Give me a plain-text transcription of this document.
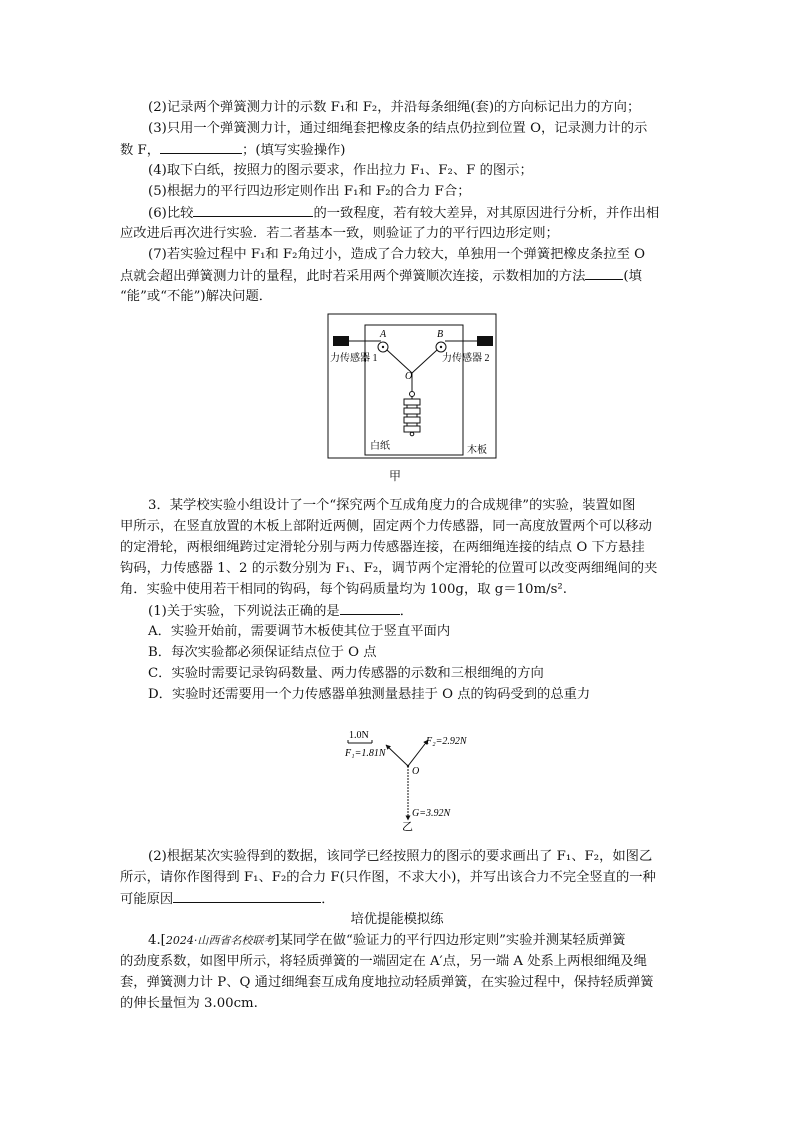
(2)记录两个弹簧测力计的示数 F₁和 F₂，并沿每条细绳(套)的方向标记出力的方向；
(3)只用一个弹簧测力计，通过细绳套把橡皮条的结点仍拉到位置 O，记录测力计的示
数 F，	；(填写实验操作)
(4)取下白纸，按照力的图示要求，作出拉力 F₁、F₂、F 的图示；
(5)根据力的平行四边形定则作出 F₁和 F₂的合力 F合；
(6)比较	的一致程度，若有较大差异，对其原因进行分析，并作出相
应改进后再次进行实验．若二者基本一致，则验证了力的平行四边形定则；
(7)若实验过程中 F₁和 F₂角过小，造成了合力较大，单独用一个弹簧把橡皮条拉至 O
点就会超出弹簧测力计的量程，此时若采用两个弹簧顺次连接，示数相加的方法	(填
“能”或“不能”)解决问题．
A	B
O
力传感器 1	力传感器 2
白纸	木板
甲
3．某学校实验小组设计了一个“探究两个互成角度力的合成规律”的实验，装置如图
甲所示，在竖直放置的木板上部附近两侧，固定两个力传感器，同一高度放置两个可以移动
的定滑轮，两根细绳跨过定滑轮分别与两力传感器连接，在两细绳连接的结点 O 下方悬挂
钩码，力传感器 1、2 的示数分别为 F₁、F₂，调节两个定滑轮的位置可以改变两细绳间的夹
角．实验中使用若干相同的钩码，每个钩码质量均为 100g，取 g＝10m/s².
(1)关于实验，下列说法正确的是	．
A．实验开始前，需要调节木板使其位于竖直平面内
B．每次实验都必须保证结点位于 O 点
C．实验时需要记录钩码数量、两力传感器的示数和三根细绳的方向
D．实验时还需要用一个力传感器单独测量悬挂于 O 点的钩码受到的总重力
1.0N
F₁=1.81N
F₂=2.92N
O
G=3.92N
乙
(2)根据某次实验得到的数据，该同学已经按照力的图示的要求画出了 F₁、F₂，如图乙
所示，请你作图得到 F₁、F₂的合力 F(只作图，不求大小)，并写出该合力不完全竖直的一种
可能原因	．
培优提能模拟练
4.[2024·山西省名校联考]某同学在做“验证力的平行四边形定则”实验并测某轻质弹簧
的劲度系数，如图甲所示，将轻质弹簧的一端固定在 A′点，另一端 A 处系上两根细绳及绳
套，弹簧测力计 P、Q 通过细绳套互成角度地拉动轻质弹簧，在实验过程中，保持轻质弹簧
的伸长量恒为 3.00cm.
